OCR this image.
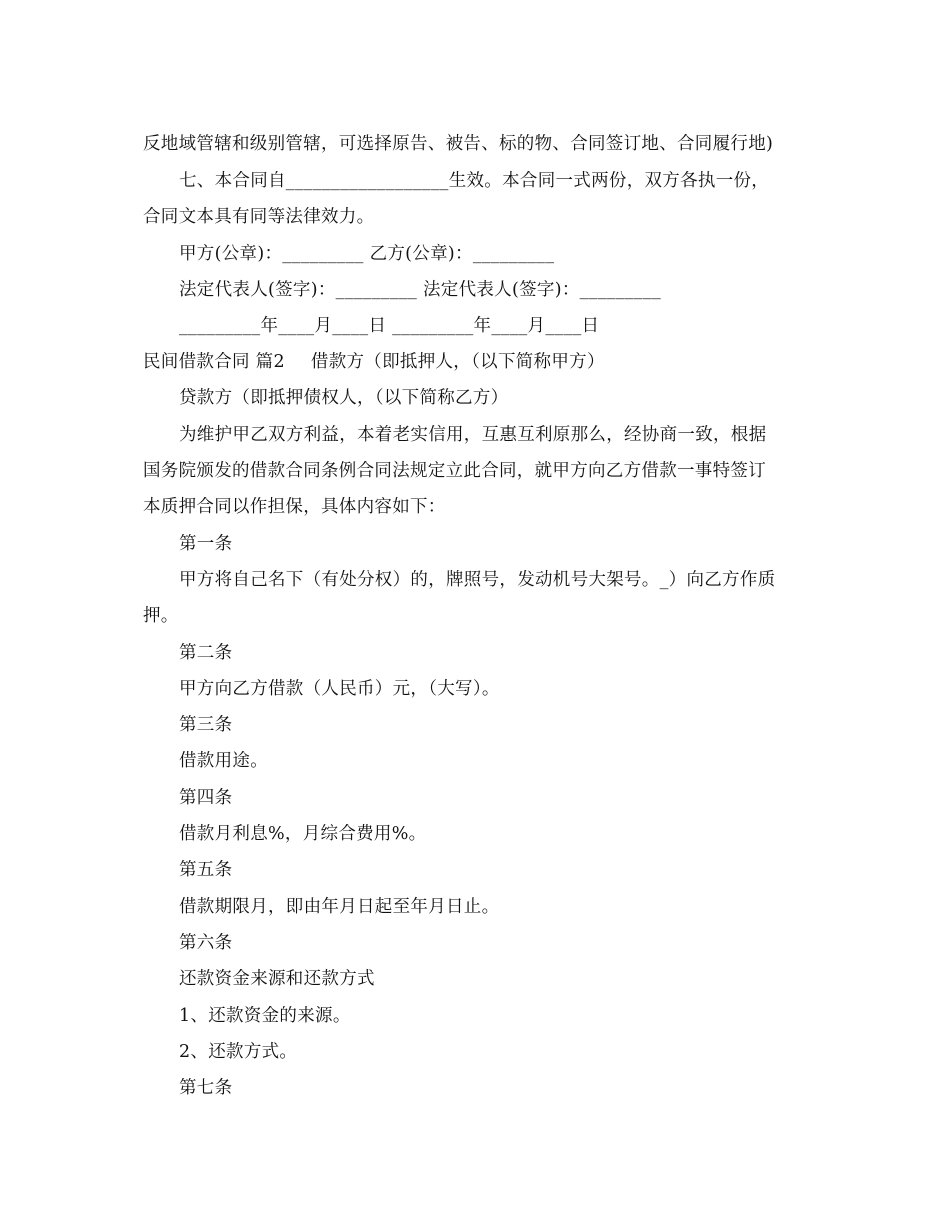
反地域管辖和级别管辖，可选择原告、被告、标的物、合同签订地、合同履行地)
七、本合同自__________________生效。本合同一式两份，双方各执一份，
合同文本具有同等法律效力。
甲方(公章)：_________ 乙方(公章)：_________
法定代表人(签字)：_________ 法定代表人(签字)：_________
_________年____月____日 _________年____月____日
民间借款合同 篇2 借款方（即抵押人，（以下简称甲方）
贷款方（即抵押债权人，（以下简称乙方）
为维护甲乙双方利益，本着老实信用，互惠互利原那么，经协商一致，根据
国务院颁发的借款合同条例合同法规定立此合同，就甲方向乙方借款一事特签订
本质押合同以作担保，具体内容如下：
第一条
甲方将自己名下（有处分权）的，牌照号，发动机号大架号。_）向乙方作质
押。
第二条
甲方向乙方借款（人民币）元，（大写）。
第三条
借款用途。
第四条
借款月利息%，月综合费用%。
第五条
借款期限月，即由年月日起至年月日止。
第六条
还款资金来源和还款方式
1、还款资金的来源。
2、还款方式。
第七条
